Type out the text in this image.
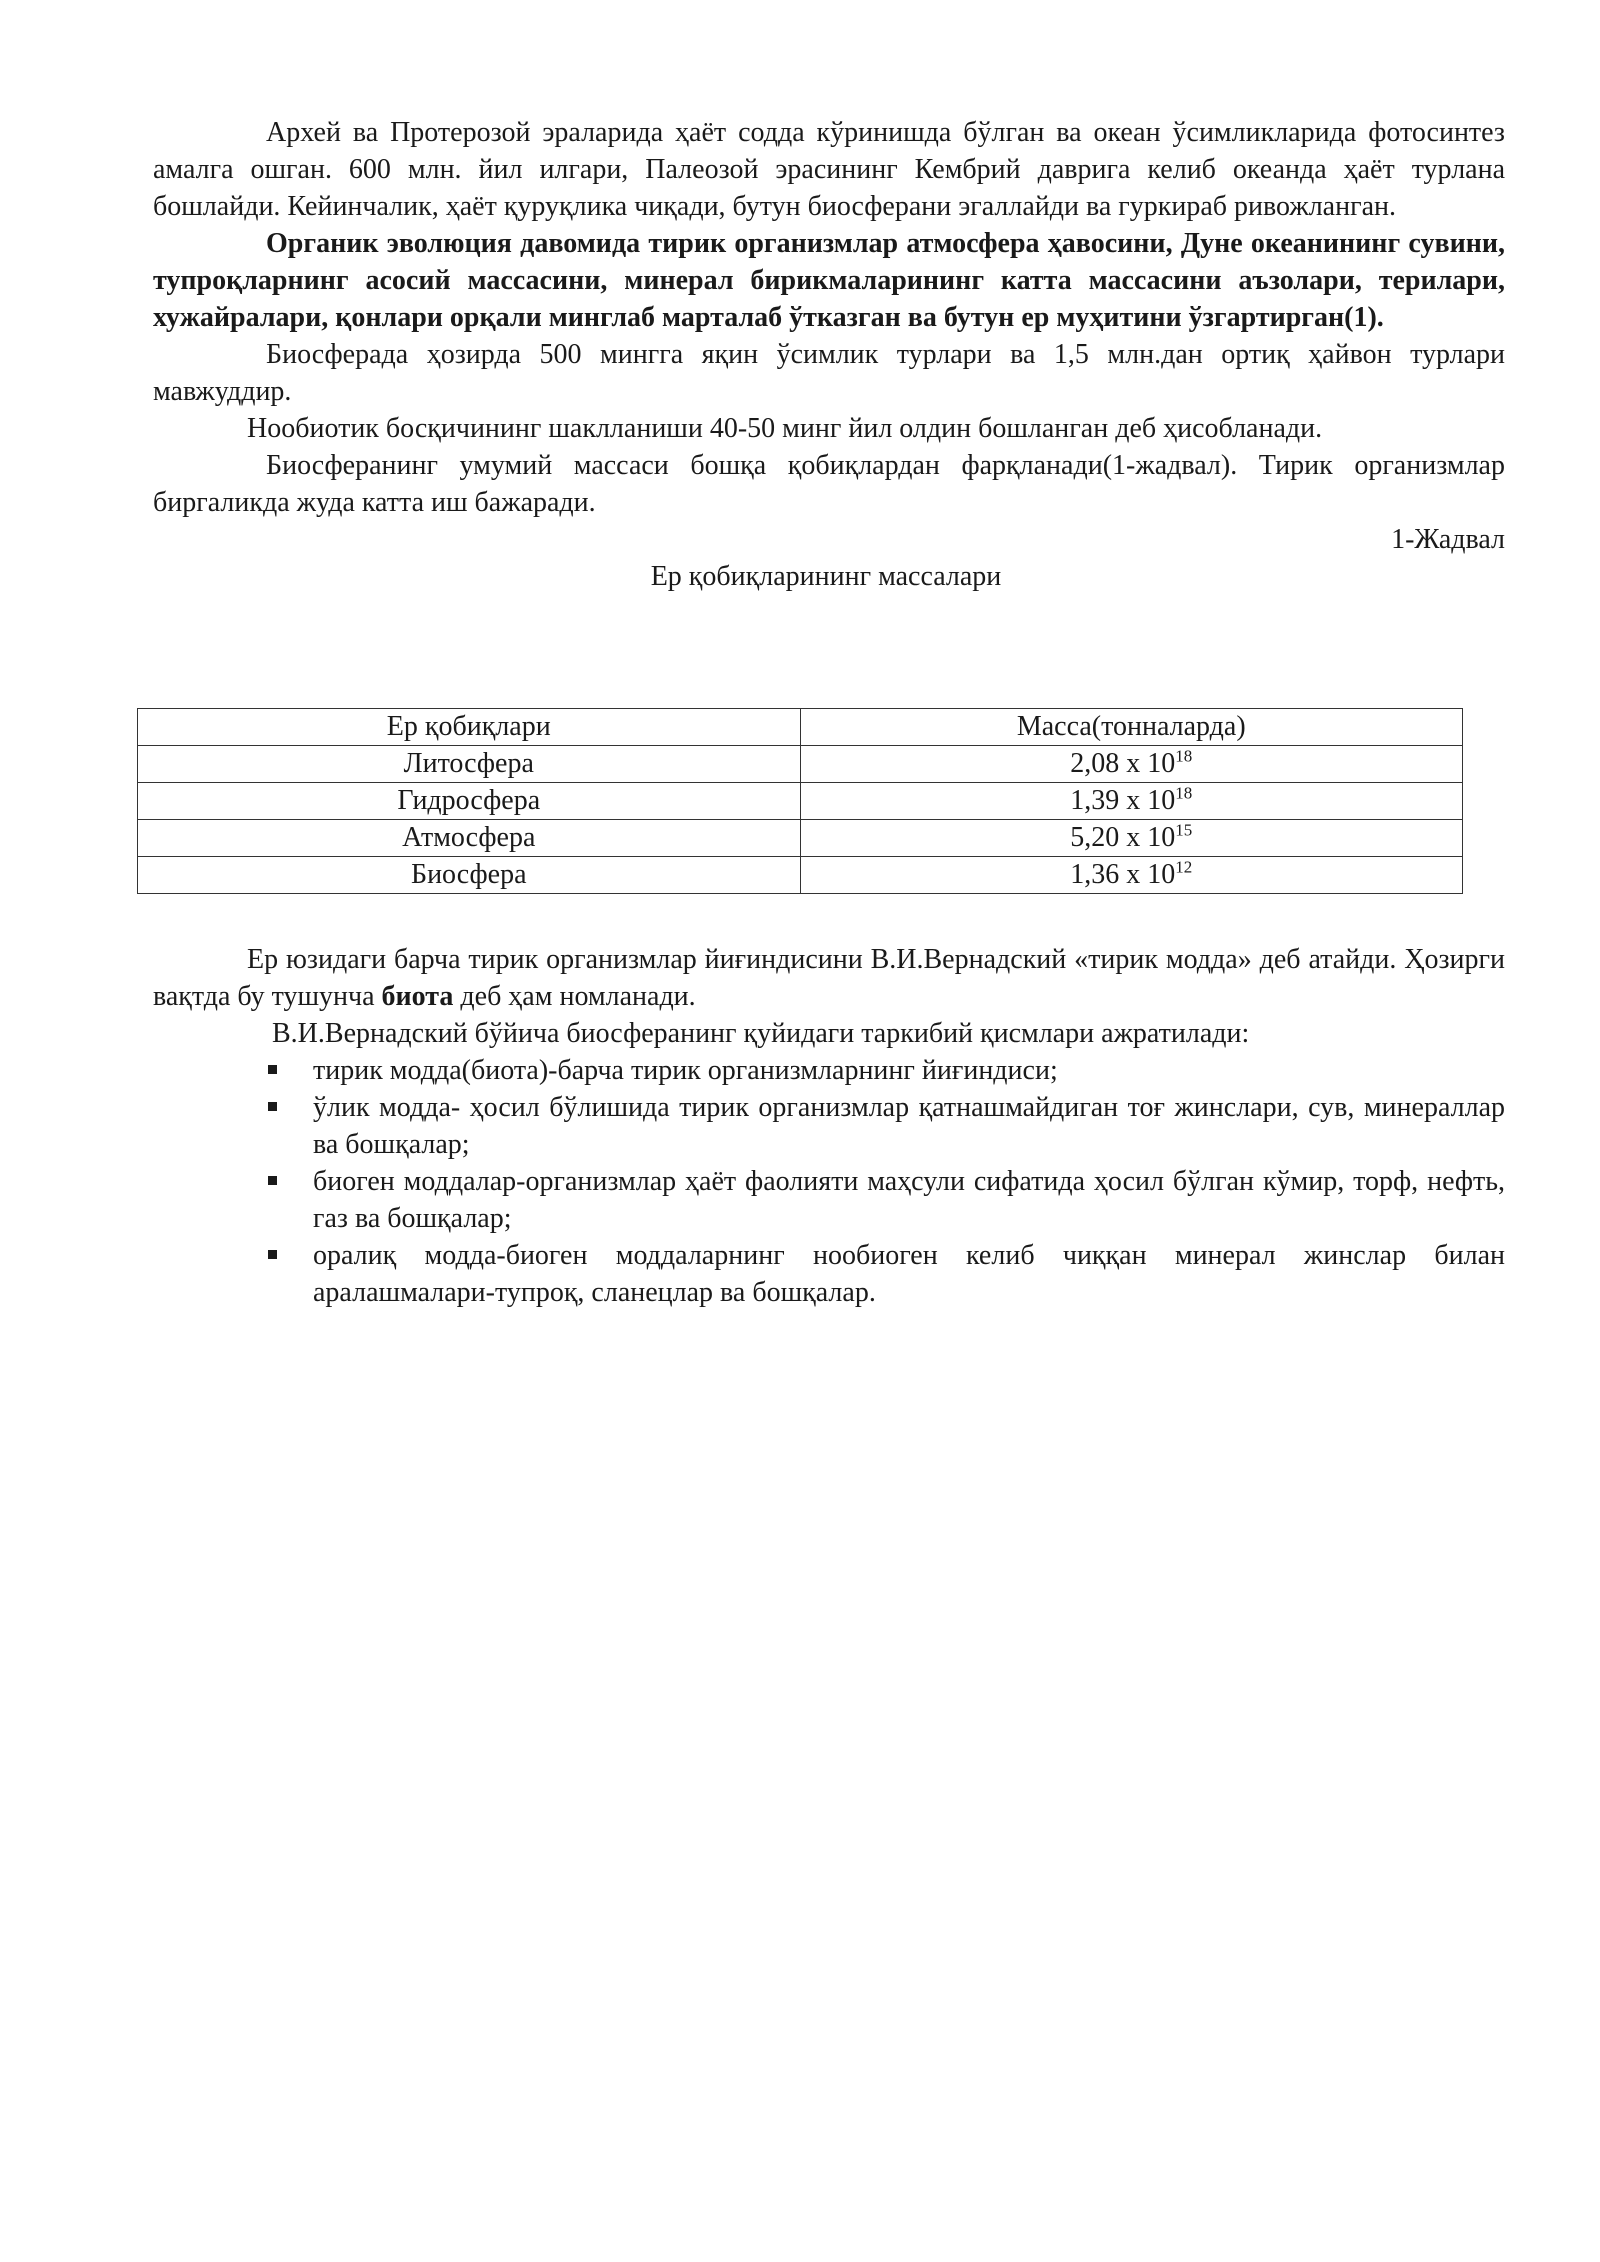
Архей ва Протерозой эраларида ҳаёт содда кўринишда бўлган ва океан ўсимликларида фотосинтез амалга ошган. 600 млн. йил илгари, Палеозой эрасининг Кембрий даврига келиб океанда ҳаёт турлана бошлайди. Кейинчалик, ҳаёт қуруқлика чиқади, бутун биосферани эгаллайди ва гуркираб ривожланган.

Органик эволюция давомида тирик организмлар атмосфера ҳавосини, Дуне океанининг сувини, тупроқларнинг асосий массасини, минерал бирикмаларининг катта массасини аъзолари, терилари, хужайралари, қонлари орқали минглаб марталаб ўтказган ва бутун ер муҳитини ўзгартирган(1).

Биосферада ҳозирда 500 мингга яқин ўсимлик турлари ва 1,5 млн.дан ортиқ ҳайвон турлари мавжуддир.

Нообиотик босқичининг шаклланиши 40-50 минг йил олдин бошланган деб ҳисобланади.

Биосферанинг умумий массаси бошқа қобиқлардан фарқланади(1-жадвал). Тирик организмлар биргаликда жуда катта иш бажаради.

1-Жадвал

Ер қобиқларининг массалари

Ер қобиқлари	Масса(тонналарда)
Литосфера	2,08 х $10^{18}$
Гидросфера	1,39 х $10^{18}$
Атмосфера	5,20 х $10^{15}$
Биосфера	1,36 х $10^{12}$

Ер юзидаги барча тирик организмлар йиғиндисини В.И.Вернадский «тирик модда» деб атайди. Ҳозирги вақтда бу тушунча биота деб ҳам номланади.

В.И.Вернадский бўйича биосферанинг қуйидаги таркибий қисмлари ажратилади:

тирик модда(биота)-барча тирик организмларнинг йиғиндиси;
ўлик модда- ҳосил бўлишида тирик организмлар қатнашмайдиган тоғ жинслари, сув, минераллар ва бошқалар;
биоген моддалар-организмлар ҳаёт фаолияти маҳсули сифатида ҳосил бўлган кўмир, торф, нефть, газ ва бошқалар;
оралиқ модда-биоген моддаларнинг нообиоген келиб чиққан минерал жинслар билан аралашмалари-тупроқ, сланецлар ва бошқалар.
